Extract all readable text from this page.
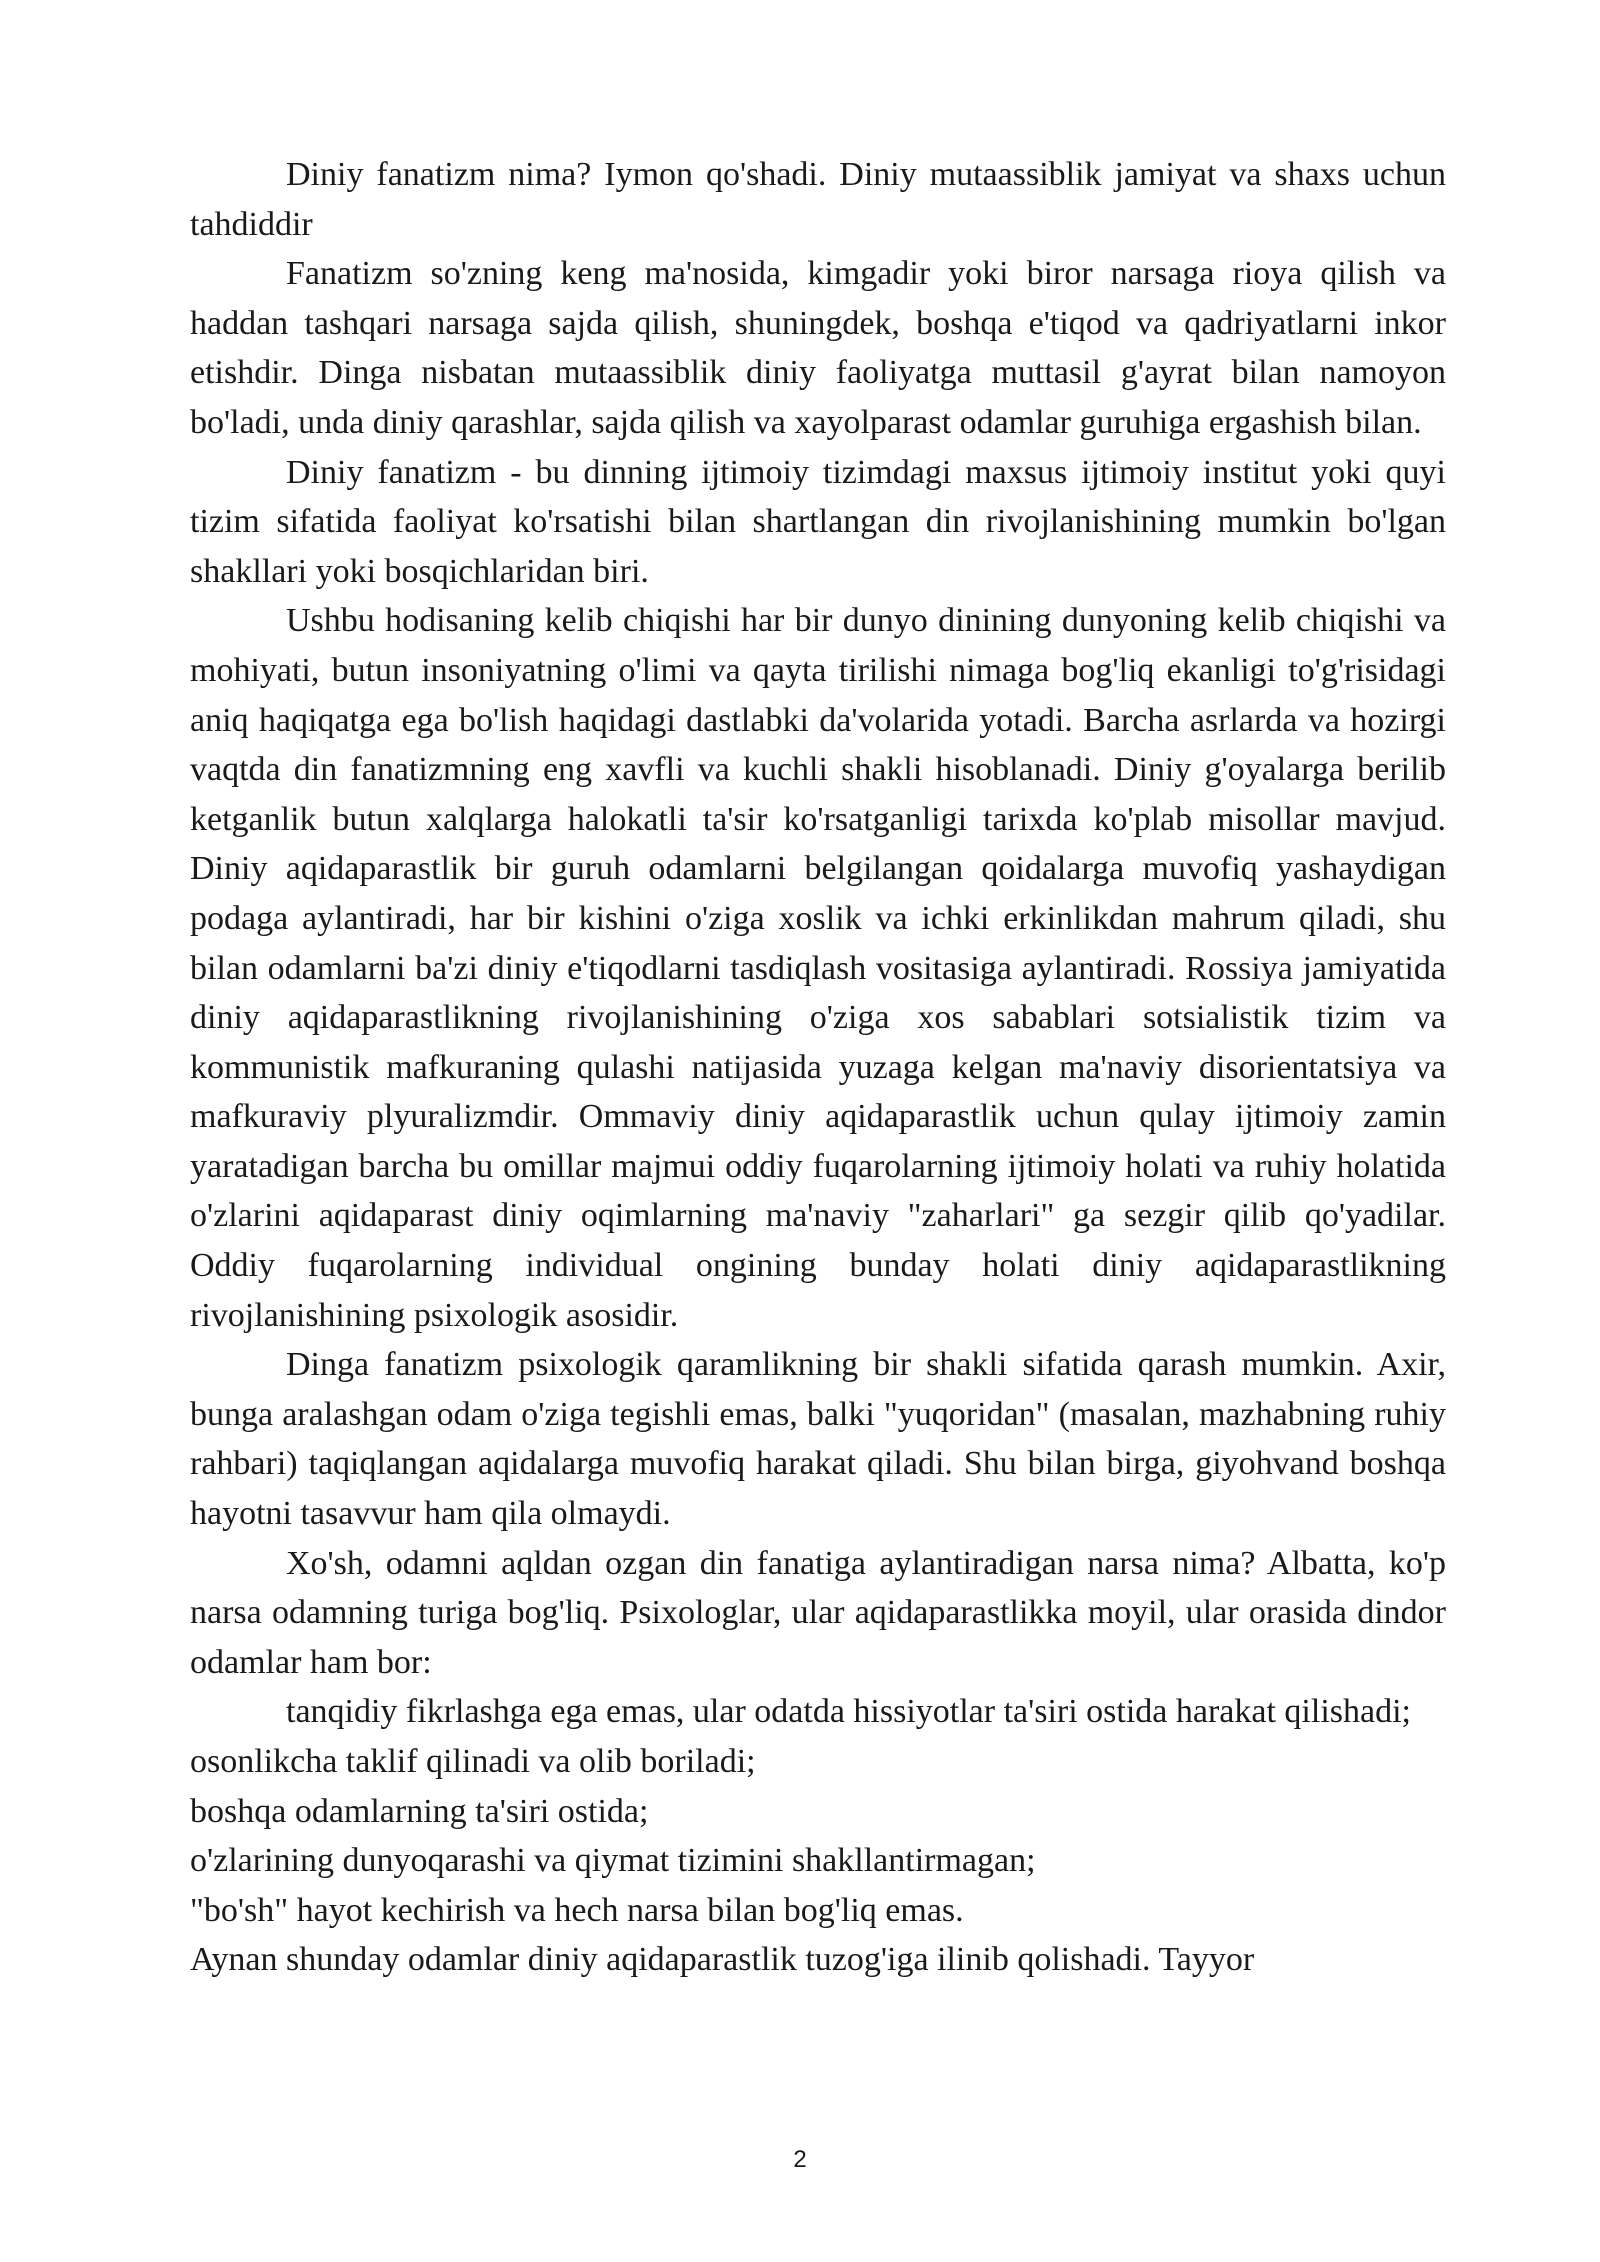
Diniy fanatizm nima? Iymon qo'shadi. Diniy mutaassiblik jamiyat va shaxs uchun tahdiddir

Fanatizm so'zning keng ma'nosida, kimgadir yoki biror narsaga rioya qilish va haddan tashqari narsaga sajda qilish, shuningdek, boshqa e'tiqod va qadriyatlarni inkor etishdir. Dinga nisbatan mutaassiblik diniy faoliyatga muttasil g'ayrat bilan namoyon bo'ladi, unda diniy qarashlar, sajda qilish va xayolparast odamlar guruhiga ergashish bilan.

Diniy fanatizm - bu dinning ijtimoiy tizimdagi maxsus ijtimoiy institut yoki quyi tizim sifatida faoliyat ko'rsatishi bilan shartlangan din rivojlanishining mumkin bo'lgan shakllari yoki bosqichlaridan biri.

Ushbu hodisaning kelib chiqishi har bir dunyo dinining dunyoning kelib chiqishi va mohiyati, butun insoniyatning o'limi va qayta tirilishi nimaga bog'liq ekanligi to'g'risidagi aniq haqiqatga ega bo'lish haqidagi dastlabki da'volarida yotadi. Barcha asrlarda va hozirgi vaqtda din fanatizmning eng xavfli va kuchli shakli hisoblanadi. Diniy g'oyalarga berilib ketganlik butun xalqlarga halokatli ta'sir ko'rsatganligi tarixda ko'plab misollar mavjud. Diniy aqidaparastlik bir guruh odamlarni belgilangan qoidalarga muvofiq yashaydigan podaga aylantiradi, har bir kishini o'ziga xoslik va ichki erkinlikdan mahrum qiladi, shu bilan odamlarni ba'zi diniy e'tiqodlarni tasdiqlash vositasiga aylantiradi. Rossiya jamiyatida diniy aqidaparastlikning rivojlanishining o'ziga xos sabablari sotsialistik tizim va kommunistik mafkuraning qulashi natijasida yuzaga kelgan ma'naviy disorientatsiya va mafkuraviy plyuralizmdir. Ommaviy diniy aqidaparastlik uchun qulay ijtimoiy zamin yaratadigan barcha bu omillar majmui oddiy fuqarolarning ijtimoiy holati va ruhiy holatida o'zlarini aqidaparast diniy oqimlarning ma'naviy "zaharlari" ga sezgir qilib qo'yadilar. Oddiy fuqarolarning individual ongining bunday holati diniy aqidaparastlikning rivojlanishining psixologik asosidir.

Dinga fanatizm psixologik qaramlikning bir shakli sifatida qarash mumkin. Axir, bunga aralashgan odam o'ziga tegishli emas, balki "yuqoridan" (masalan, mazhabning ruhiy rahbari) taqiqlangan aqidalarga muvofiq harakat qiladi. Shu bilan birga, giyohvand boshqa hayotni tasavvur ham qila olmaydi.

Xo'sh, odamni aqldan ozgan din fanatiga aylantiradigan narsa nima? Albatta, ko'p narsa odamning turiga bog'liq. Psixologlar, ular aqidaparastlikka moyil, ular orasida dindor odamlar ham bor:

tanqidiy fikrlashga ega emas, ular odatda hissiyotlar ta'siri ostida harakat qilishadi;

osonlikcha taklif qilinadi va olib boriladi;

boshqa odamlarning ta'siri ostida;

o'zlarining dunyoqarashi va qiymat tizimini shakllantirmagan;

"bo'sh" hayot kechirish va hech narsa bilan bog'liq emas.

Aynan shunday odamlar diniy aqidaparastlik tuzog'iga ilinib qolishadi. Tayyor

2
